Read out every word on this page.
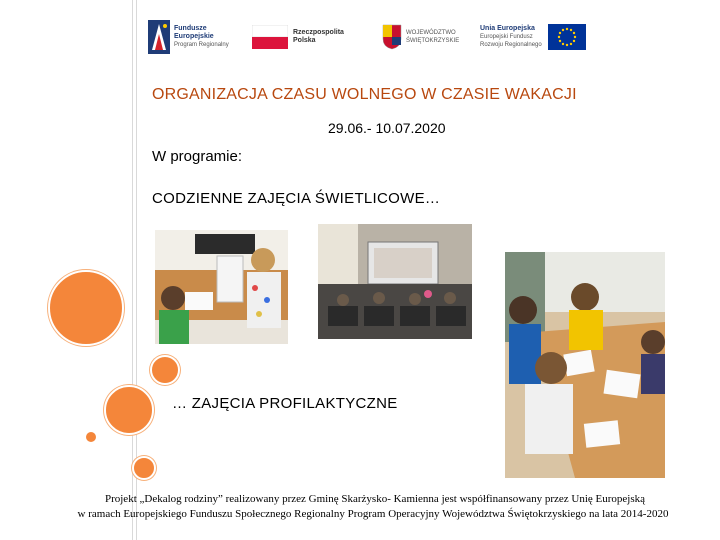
Fundusze
Europejskie
Program Regionalny
Rzeczpospolita
Polska
WOJEWÓDZTWO
ŚWIĘTOKRZYSKIE
Unia Europejska
Europejski Fundusz
Rozwoju Regionalnego
ORGANIZACJA CZASU WOLNEGO W CZASIE WAKACJI
29.06.- 10.07.2020
W programie:
CODZIENNE ZAJĘCIA ŚWIETLICOWE…
… ZAJĘCIA PROFILAKTYCZNE
Projekt „Dekalog rodziny” realizowany przez Gminę Skarżysko- Kamienna jest współfinansowany przez Unię Europejską
w ramach Europejskiego Funduszu Społecznego Regionalny Program Operacyjny Województwa Świętokrzyskiego na lata 2014-2020
